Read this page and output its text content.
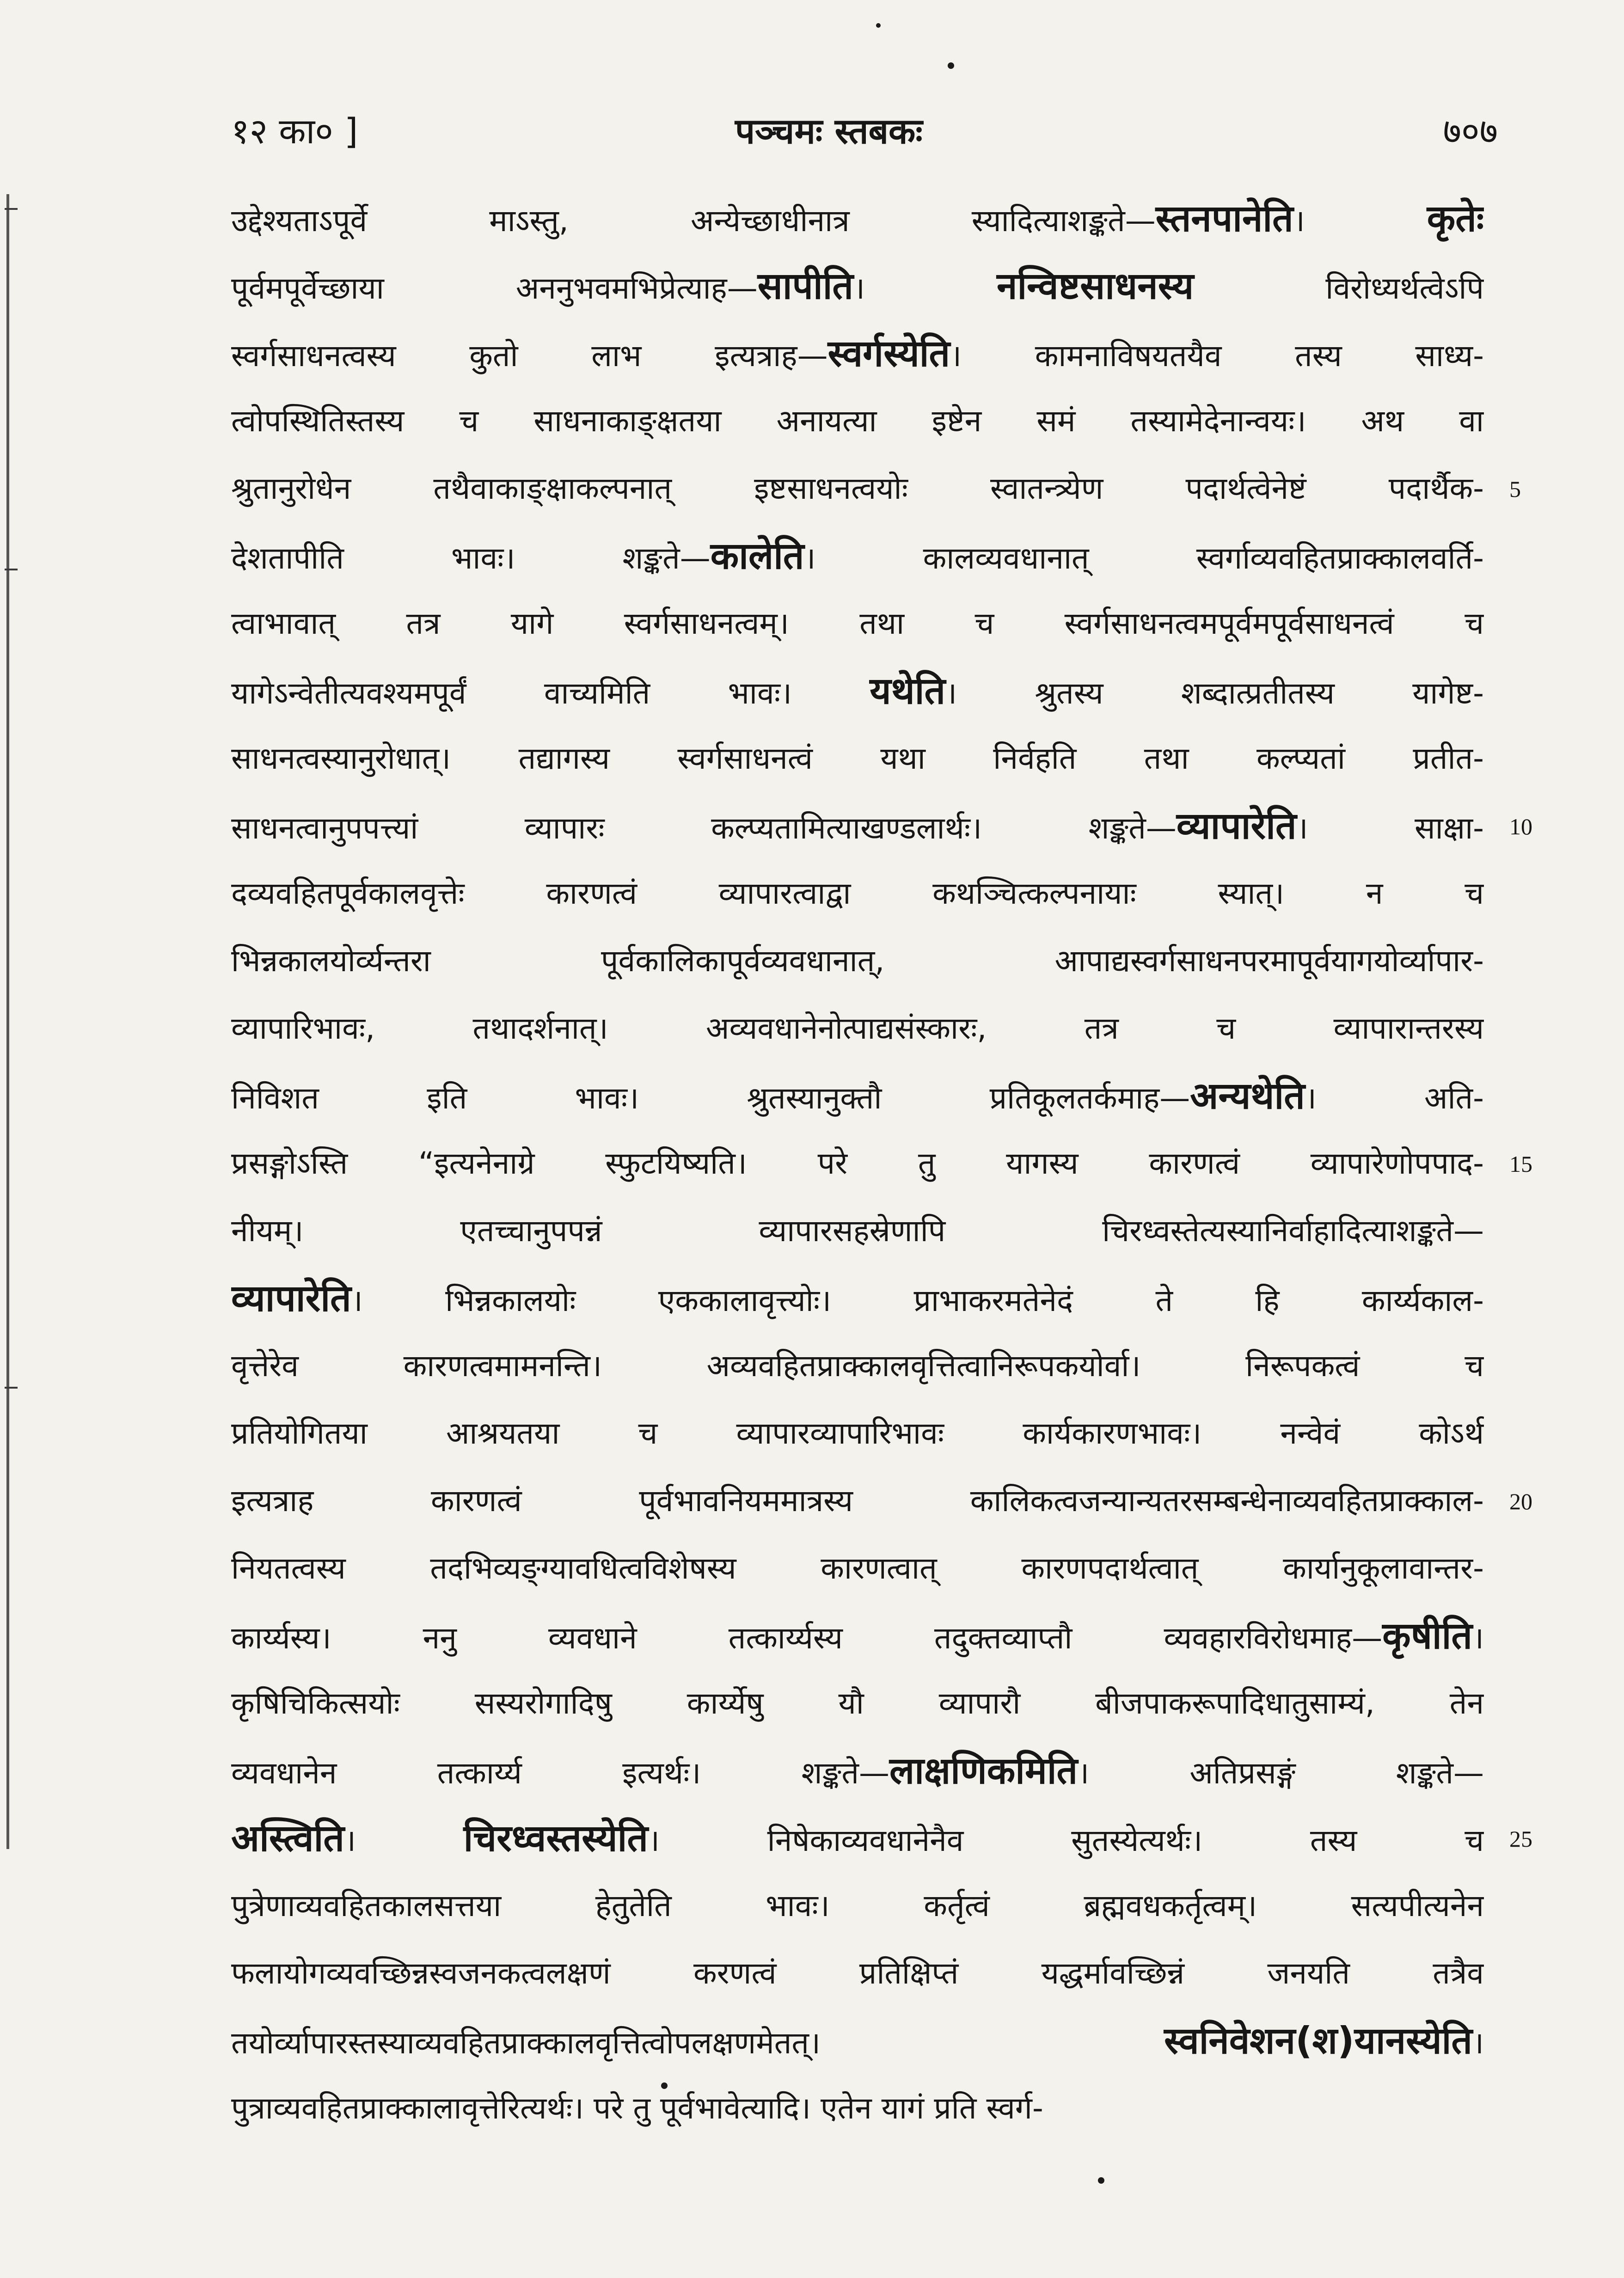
१२ का० ]	पञ्चमः स्तबकः	७०७
उद्देश्यताऽपूर्वे माऽस्तु, अन्येच्छाधीनात्र स्यादित्याशङ्कते—स्तनपानेति। कृतेः
पूर्वमपूर्वेच्छाया अननुभवमभिप्रेत्याह—सापीति। नन्विष्टसाधनस्य विरोध्यर्थत्वेऽपि
स्वर्गसाधनत्वस्य कुतो लाभ इत्यत्राह—स्वर्गस्येति। कामनाविषयतयैव तस्य साध्य-
त्वोपस्थितिस्तस्य च साधनाकाङ्क्षतया अनायत्या इष्टेन समं तस्यामेदेनान्वयः। अथ वा
श्रुतानुरोधेन तथैवाकाङ्क्षाकल्पनात् इष्टसाधनत्वयोः स्वातन्त्र्येण पदार्थत्वेनेष्टं पदार्थैक-
देशतापीति भावः। शङ्कते—कालेति। कालव्यवधानात् स्वर्गाव्यवहितप्राक्कालवर्ति-
त्वाभावात् तत्र यागे स्वर्गसाधनत्वम्। तथा च स्वर्गसाधनत्वमपूर्वमपूर्वसाधनत्वं च
यागेऽन्वेतीत्यवश्यमपूर्वं वाच्यमिति भावः। यथेति। श्रुतस्य शब्दात्प्रतीतस्य यागेष्ट-
साधनत्वस्यानुरोधात्। तद्यागस्य स्वर्गसाधनत्वं यथा निर्वहति तथा कल्प्यतां प्रतीत-
साधनत्वानुपपत्त्यां व्यापारः कल्प्यतामित्याखण्डलार्थः। शङ्कते—व्यापारेति। साक्षा-
दव्यवहितपूर्वकालवृत्तेः कारणत्वं व्यापारत्वाद्वा कथञ्चित्कल्पनायाः स्यात्। न च
भिन्नकालयोर्व्यन्तरा पूर्वकालिकापूर्वव्यवधानात्, आपाद्यस्वर्गसाधनपरमापूर्वयागयोर्व्यापार-
व्यापारिभावः, तथादर्शनात्। अव्यवधानेनोत्पाद्यसंस्कारः, तत्र च व्यापारान्तरस्य
निविशत इति भावः। श्रुतस्यानुक्तौ प्रतिकूलतर्कमाह—अन्यथेति। अति-
प्रसङ्गोऽस्ति “इत्यनेनाग्रे स्फुटयिष्यति। परे तु यागस्य कारणत्वं व्यापारेणोपपाद-
नीयम्। एतच्चानुपपन्नं व्यापारसहस्रेणापि चिरध्वस्तेत्यस्यानिर्वाहादित्याशङ्कते—
व्यापारेति। भिन्नकालयोः एककालावृत्त्योः। प्राभाकरमतेनेदं ते हि कार्य्यकाल-
वृत्तेरेव कारणत्वमामनन्ति। अव्यवहितप्राक्कालवृत्तित्वानिरूपकयोर्वा। निरूपकत्वं च
प्रतियोगितया आश्रयतया च व्यापारव्यापारिभावः कार्यकारणभावः। नन्वेवं कोऽर्थ
इत्यत्राह कारणत्वं पूर्वभावनियममात्रस्य कालिकत्वजन्यान्यतरसम्बन्धेनाव्यवहितप्राक्काल-
नियतत्वस्य तदभिव्यङ्ग्यावधित्वविशेषस्य कारणत्वात् कारणपदार्थत्वात् कार्यानुकूलावान्तर-
कार्य्यस्य। ननु व्यवधाने तत्कार्य्यस्य तदुक्तव्याप्तौ व्यवहारविरोधमाह—कृषीति।
कृषिचिकित्सयोः सस्यरोगादिषु कार्य्येषु यौ व्यापारौ बीजपाकरूपादिधातुसाम्यं, तेन
व्यवधानेन तत्कार्य्य इत्यर्थः। शङ्कते—लाक्षणिकमिति। अतिप्रसङ्गं शङ्कते—
अस्त्विति। चिरध्वस्तस्येति। निषेकाव्यवधानेनैव सुतस्येत्यर्थः। तस्य च
पुत्रेणाव्यवहितकालसत्तया हेतुतेति भावः। कर्तृत्वं ब्रह्मवधकर्तृत्वम्। सत्यपीत्यनेन
फलायोगव्यवच्छिन्नस्वजनकत्वलक्षणं करणत्वं प्रतिक्षिप्तं यद्धर्मावच्छिन्नं जनयति तत्रैव
तयोर्व्यापारस्तस्याव्यवहितप्राक्कालवृत्तित्वोपलक्षणमेतत्। स्वनिवेशन(श)यानस्येति।
पुत्राव्यवहितप्राक्कालावृत्तेरित्यर्थः। परे तु पूर्वभावेत्यादि। एतेन यागं प्रति स्वर्ग-
5
10
15
20
25
